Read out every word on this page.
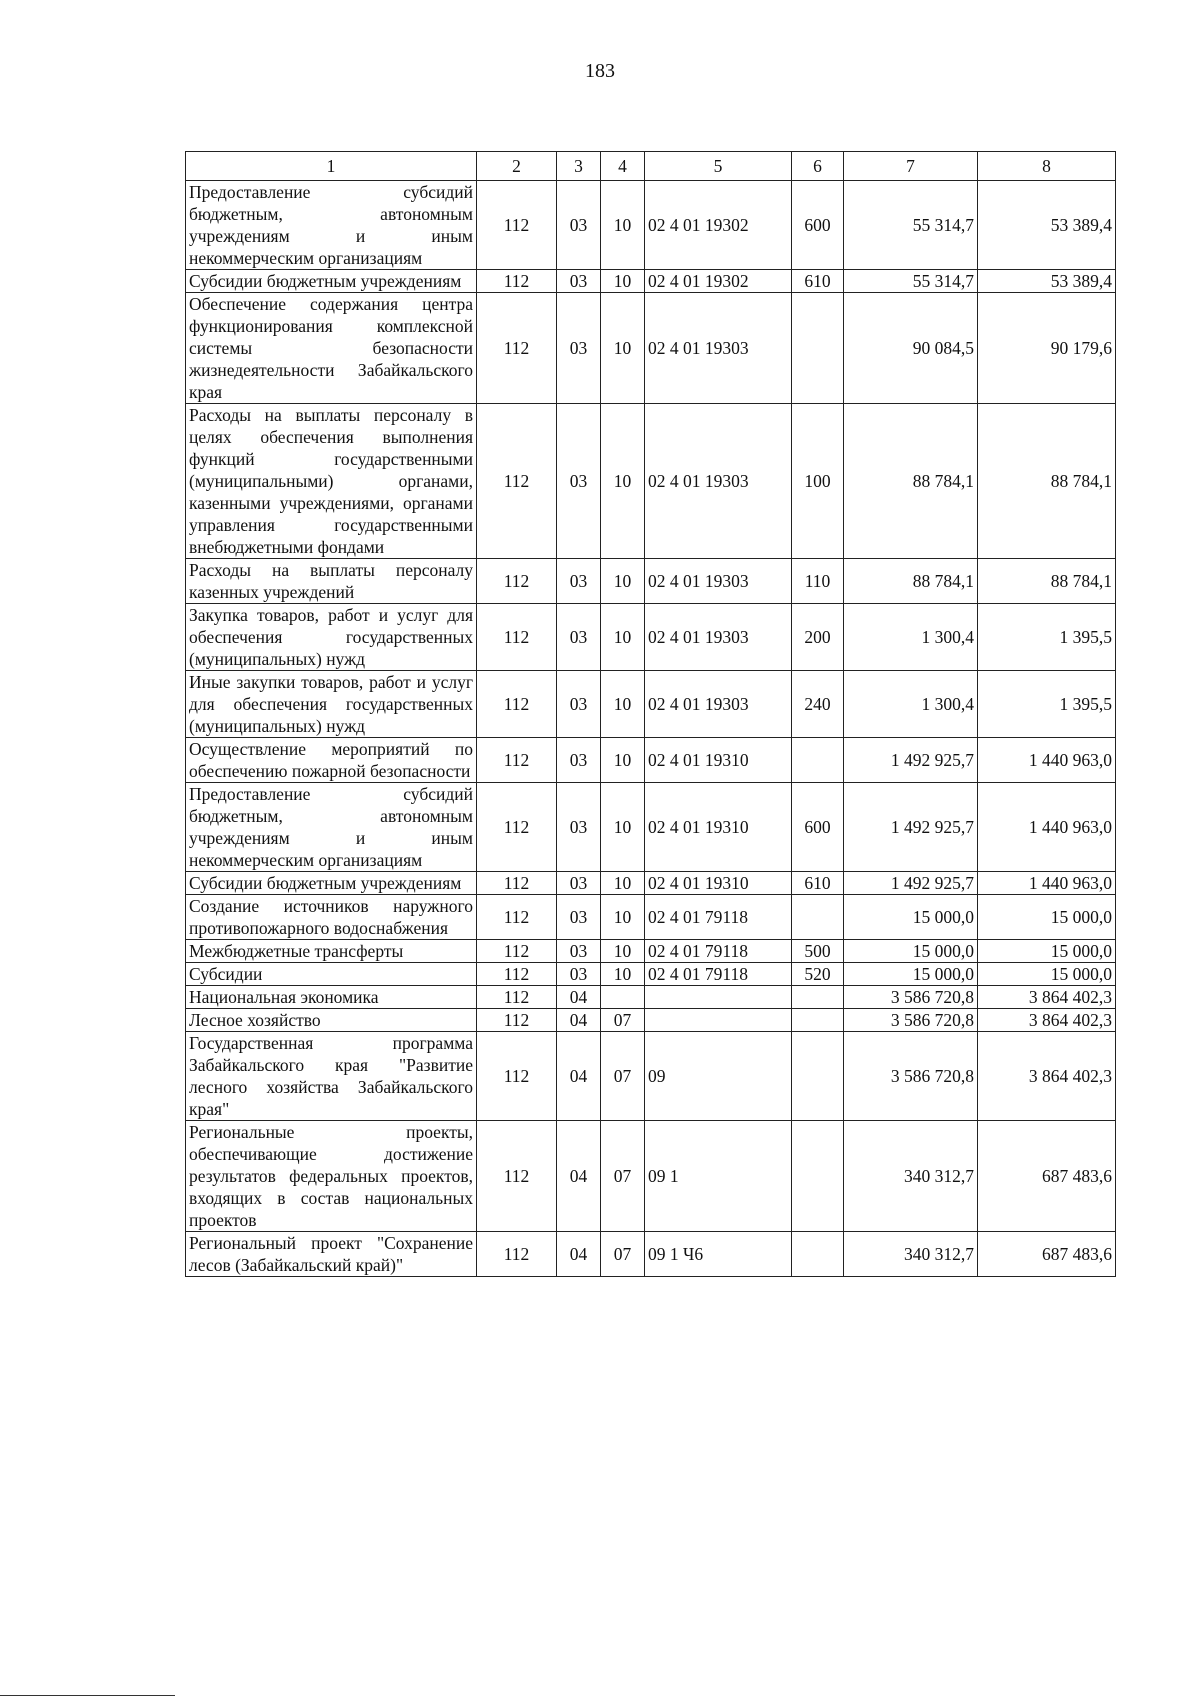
183
1	2	3	4	5	6	7	8
Предоставление субсидий бюджетным, автономным учреждениям и иным некоммерческим организациям	112	03	10	02 4 01 19302	600	55 314,7	53 389,4
Субсидии бюджетным учреждениям	112	03	10	02 4 01 19302	610	55 314,7	53 389,4
Обеспечение содержания центра функционирования комплексной системы безопасности жизнедеятельности Забайкальского края	112	03	10	02 4 01 19303		90 084,5	90 179,6
Расходы на выплаты персоналу в целях обеспечения выполнения функций государственными (муниципальными) органами, казенными учреждениями, органами управления государственными внебюджетными фондами	112	03	10	02 4 01 19303	100	88 784,1	88 784,1
Расходы на выплаты персоналу казенных учреждений	112	03	10	02 4 01 19303	110	88 784,1	88 784,1
Закупка товаров, работ и услуг для обеспечения государственных (муниципальных) нужд	112	03	10	02 4 01 19303	200	1 300,4	1 395,5
Иные закупки товаров, работ и услуг для обеспечения государственных (муниципальных) нужд	112	03	10	02 4 01 19303	240	1 300,4	1 395,5
Осуществление мероприятий по обеспечению пожарной безопасности	112	03	10	02 4 01 19310		1 492 925,7	1 440 963,0
Предоставление субсидий бюджетным, автономным учреждениям и иным некоммерческим организациям	112	03	10	02 4 01 19310	600	1 492 925,7	1 440 963,0
Субсидии бюджетным учреждениям	112	03	10	02 4 01 19310	610	1 492 925,7	1 440 963,0
Создание источников наружного противопожарного водоснабжения	112	03	10	02 4 01 79118		15 000,0	15 000,0
Межбюджетные трансферты	112	03	10	02 4 01 79118	500	15 000,0	15 000,0
Субсидии	112	03	10	02 4 01 79118	520	15 000,0	15 000,0
Национальная экономика	112	04				3 586 720,8	3 864 402,3
Лесное хозяйство	112	04	07			3 586 720,8	3 864 402,3
Государственная программа Забайкальского края "Развитие лесного хозяйства Забайкальского края"	112	04	07	09		3 586 720,8	3 864 402,3
Региональные проекты, обеспечивающие достижение результатов федеральных проектов, входящих в состав национальных проектов	112	04	07	09 1		340 312,7	687 483,6
Региональный проект "Сохранение лесов (Забайкальский край)"	112	04	07	09 1 Ч6		340 312,7	687 483,6
